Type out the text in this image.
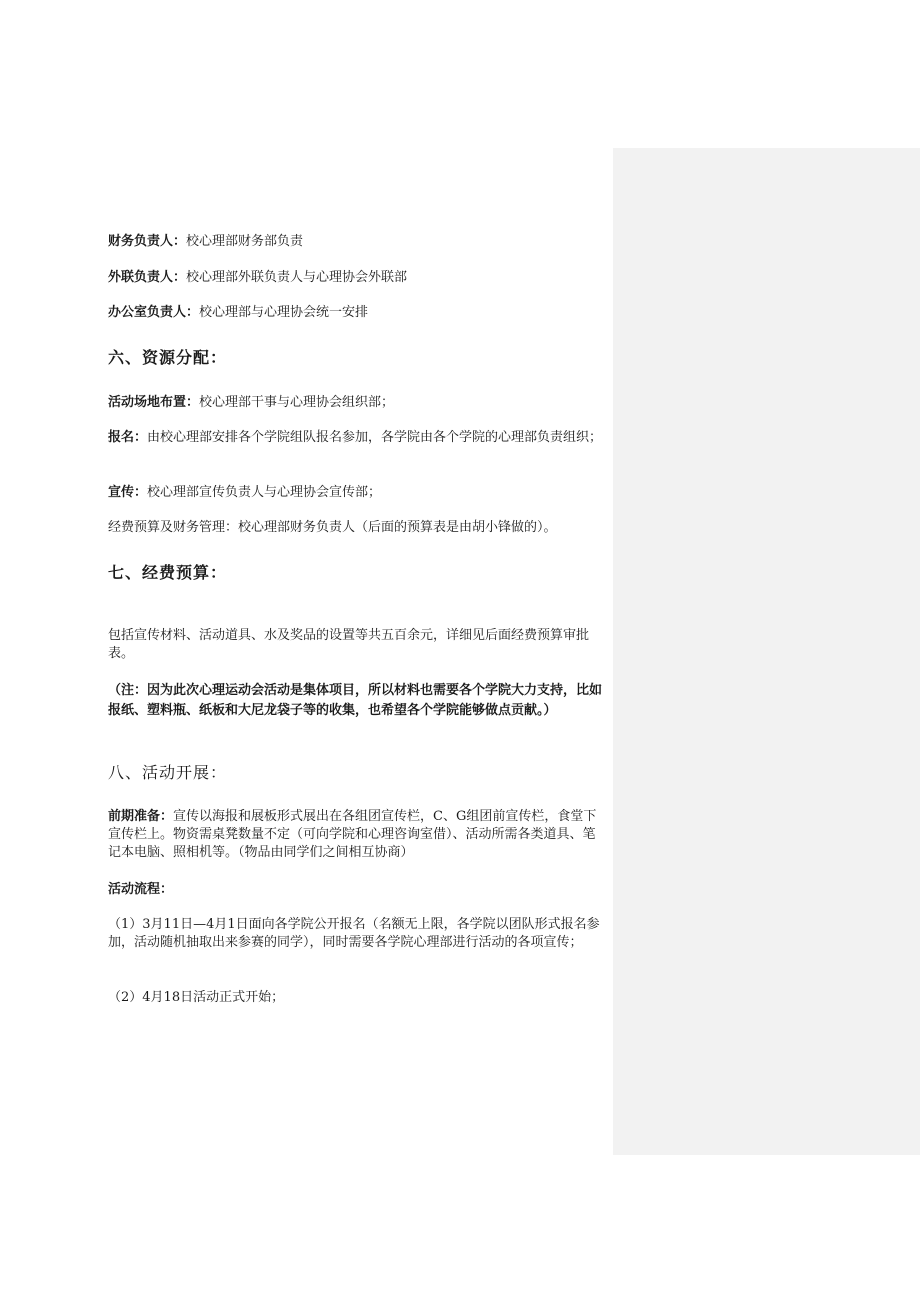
财务负责人：校心理部财务部负责
外联负责人：校心理部外联负责人与心理协会外联部
办公室负责人：校心理部与心理协会统一安排
六、资源分配：
活动场地布置：校心理部干事与心理协会组织部；
报名：由校心理部安排各个学院组队报名参加，各学院由各个学院的心理部负责组织；
宣传：校心理部宣传负责人与心理协会宣传部；
经费预算及财务管理：校心理部财务负责人（后面的预算表是由胡小锋做的）。
七、经费预算：
包括宣传材料、活动道具、水及奖品的设置等共五百余元，详细见后面经费预算审批表。
（注：因为此次心理运动会活动是集体项目，所以材料也需要各个学院大力支持，比如报纸、塑料瓶、纸板和大尼龙袋子等的收集，也希望各个学院能够做点贡献。）
八、活动开展：
前期准备：宣传以海报和展板形式展出在各组团宣传栏，C、G组团前宣传栏，食堂下宣传栏上。物资需桌凳数量不定（可向学院和心理咨询室借）、活动所需各类道具、笔记本电脑、照相机等。（物品由同学们之间相互协商）
活动流程：
（1）3月11日—4月1日面向各学院公开报名（名额无上限，各学院以团队形式报名参加，活动随机抽取出来参赛的同学），同时需要各学院心理部进行活动的各项宣传；
（2）4月18日活动正式开始；
